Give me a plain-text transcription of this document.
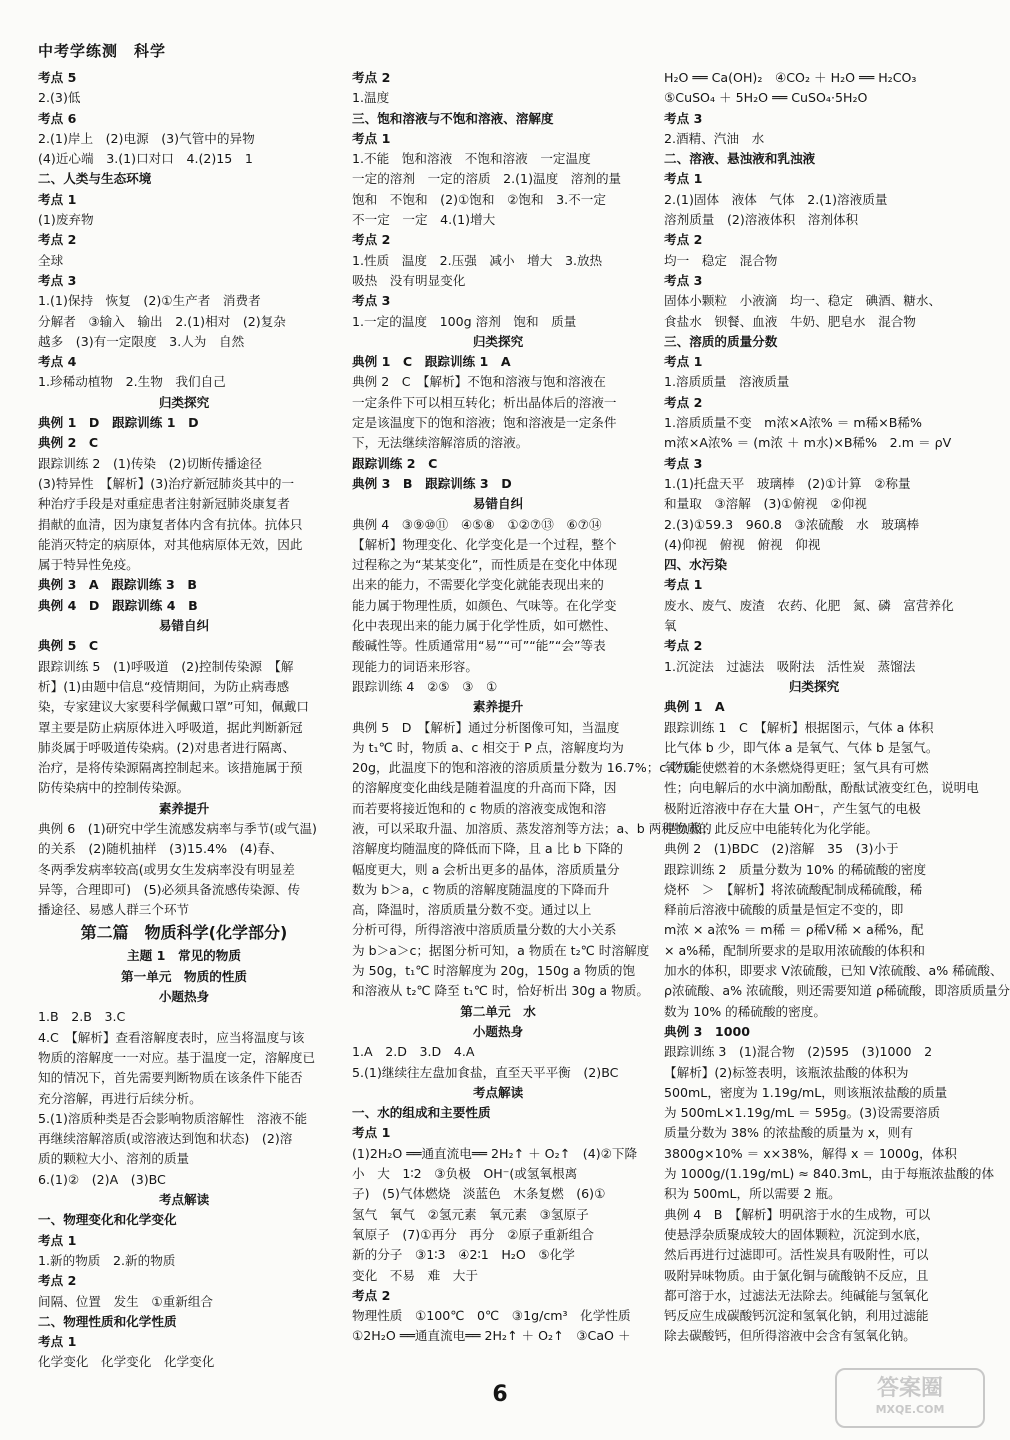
中考学练测　科学
考点 5
2.(3)低
考点 6
2.(1)岸上　(2)电源　(3)气管中的异物
(4)近心端　3.(1)口对口　4.(2)15　1
二、人类与生态环境
考点 1
(1)废弃物
考点 2
全球
考点 3
1.(1)保持　恢复　(2)①生产者　消费者
分解者　③输入　输出　2.(1)相对　(2)复杂
越多　(3)有一定限度　3.人为　自然
考点 4
1.珍稀动植物　2.生物　我们自己
归类探究
典例 1　D　跟踪训练 1　D
典例 2　C
跟踪训练 2　(1)传染　(2)切断传播途径
(3)特异性　【解析】(3)治疗新冠肺炎其中的一
种治疗手段是对重症患者注射新冠肺炎康复者
捐献的血清，因为康复者体内含有抗体。抗体只
能消灭特定的病原体，对其他病原体无效，因此
属于特异性免疫。
典例 3　A　跟踪训练 3　B
典例 4　D　跟踪训练 4　B
易错自纠
典例 5　C
跟踪训练 5　(1)呼吸道　(2)控制传染源　【解
析】(1)由题中信息“疫情期间，为防止病毒感
染，专家建议大家要科学佩戴口罩”可知，佩戴口
罩主要是防止病原体进入呼吸道，据此判断新冠
肺炎属于呼吸道传染病。(2)对患者进行隔离、
治疗，是将传染源隔离控制起来。该措施属于预
防传染病中的控制传染源。
素养提升
典例 6　(1)研究中学生流感发病率与季节(或气温)
的关系　(2)随机抽样　(3)15.4%　(4)春、
冬两季发病率较高(或男女生发病率没有明显差
异等，合理即可)　(5)必须具备流感传染源、传
播途径、易感人群三个环节
第二篇　物质科学(化学部分)
主题 1　常见的物质
第一单元　物质的性质
小题热身
1.B　2.B　3.C
4.C　【解析】查看溶解度表时，应当将温度与该
物质的溶解度一一对应。基于温度一定，溶解度已
知的情况下，首先需要判断物质在该条件下能否
充分溶解，再进行后续分析。
5.(1)溶质种类是否会影响物质溶解性　溶液不能
再继续溶解溶质(或溶液达到饱和状态)　(2)溶
质的颗粒大小、溶剂的质量
6.(1)②　(2)A　(3)BC
考点解读
一、物理变化和化学变化
考点 1
1.新的物质　2.新的物质
考点 2
间隔、位置　发生　①重新组合
二、物理性质和化学性质
考点 1
化学变化　化学变化　化学变化
考点 2
1.温度
三、饱和溶液与不饱和溶液、溶解度
考点 1
1.不能　饱和溶液　不饱和溶液　一定温度
一定的溶剂　一定的溶质　2.(1)温度　溶剂的量
饱和　不饱和　(2)①饱和　②饱和　3.不一定
不一定　一定　4.(1)增大
考点 2
1.性质　温度　2.压强　减小　增大　3.放热
吸热　没有明显变化
考点 3
1.一定的温度　100g 溶剂　饱和　质量
归类探究
典例 1　C　跟踪训练 1　A
典例 2　C　【解析】不饱和溶液与饱和溶液在
一定条件下可以相互转化；析出晶体后的溶液一
定是该温度下的饱和溶液；饱和溶液是一定条件
下，无法继续溶解溶质的溶液。
跟踪训练 2　C
典例 3　B　跟踪训练 3　D
易错自纠
典例 4　③⑨⑩⑪　④⑤⑧　①②⑦⑬　⑥⑦⑭
【解析】物理变化、化学变化是一个过程，整个
过程称之为“某某变化”，而性质是在变化中体现
出来的能力，不需要化学变化就能表现出来的
能力属于物理性质，如颜色、气味等。在化学变
化中表现出来的能力属于化学性质，如可燃性、
酸碱性等。性质通常用“易”“可”“能”“会”等表
现能力的词语来形容。
跟踪训练 4　②⑤　③　①
素养提升
典例 5　D　【解析】通过分析图像可知，当温度
为 t₁℃ 时，物质 a、c 相交于 P 点，溶解度均为
20g，此温度下的饱和溶液的溶质质量分数为 16.7%；c 物质
的溶解度变化曲线是随着温度的升高而下降，因
而若要将接近饱和的 c 物质的溶液变成饱和溶
液，可以采取升温、加溶质、蒸发溶剂等方法；a、b 两种物质的
溶解度均随温度的降低而下降，且 a 比 b 下降的
幅度更大，则 a 会析出更多的晶体，溶质质量分
数为 b＞a，c 物质的溶解度随温度的下降而升
高，降温时，溶质质量分数不变。通过以上
分析可得，所得溶液中溶质质量分数的大小关系
为 b＞a＞c；据图分析可知，a 物质在 t₂℃ 时溶解度
为 50g，t₁℃ 时溶解度为 20g，150g a 物质的饱
和溶液从 t₂℃ 降至 t₁℃ 时，恰好析出 30g a 物质。
第二单元　水
小题热身
1.A　2.D　3.D　4.A
5.(1)继续往左盘加食盐，直至天平平衡　(2)BC
考点解读
一、水的组成和主要性质
考点 1
(1)2H₂O ══通直流电══ 2H₂↑ ＋ O₂↑　(4)②下降
小　大　1∶2　③负极　OH⁻(或氢氧根离
子)　(5)气体燃烧　淡蓝色　木条复燃　(6)①
氢气　氧气　②氢元素　氧元素　③氢原子
氧原子　(7)①再分　再分　②原子重新组合
新的分子　③1∶3　④2∶1　H₂O　⑤化学
变化　不易　难　大于
考点 2
物理性质　①100℃　0℃　③1g/cm³　化学性质
①2H₂O ══通直流电══ 2H₂↑ ＋ O₂↑　③CaO ＋
H₂O ══ Ca(OH)₂　④CO₂ ＋ H₂O ══ H₂CO₃
⑤CuSO₄ ＋ 5H₂O ══ CuSO₄·5H₂O
考点 3
2.酒精、汽油　水
二、溶液、悬浊液和乳浊液
考点 1
2.(1)固体　液体　气体　2.(1)溶液质量
溶剂质量　(2)溶液体积　溶剂体积
考点 2
均一　稳定　混合物
考点 3
固体小颗粒　小液滴　均一、稳定　碘酒、糖水、
食盐水　钡餐、血液　牛奶、肥皂水　混合物
三、溶质的质量分数
考点 1
1.溶质质量　溶液质量
考点 2
1.溶质质量不变　m浓×A浓% ＝ m稀×B稀%
m浓×A浓% ＝ (m浓 ＋ m水)×B稀%　2.m ＝ ρV
考点 3
1.(1)托盘天平　玻璃棒　(2)①计算　②称量
和量取　③溶解　(3)①俯视　②仰视
2.(3)①59.3　960.8　③浓硫酸　水　玻璃棒
(4)仰视　俯视　俯视　仰视
四、水污染
考点 1
废水、废气、废渣　农药、化肥　氮、磷　富营养化
氧
考点 2
1.沉淀法　过滤法　吸附法　活性炭　蒸馏法
归类探究
典例 1　A
跟踪训练 1　C　【解析】根据图示，气体 a 体积
比气体 b 少，即气体 a 是氧气、气体 b 是氢气。
氧气能使燃着的木条燃烧得更旺；氢气具有可燃
性；向电解后的水中滴加酚酞，酚酞试液变红色，说明电
极附近溶液中存在大量 OH⁻，产生氢气的电极
是负极；此反应中电能转化为化学能。
典例 2　(1)BDC　(2)溶解　35　(3)小于
跟踪训练 2　质量分数为 10% 的稀硫酸的密度
烧杯　＞　【解析】将浓硫酸配制成稀硫酸，稀
释前后溶液中硫酸的质量是恒定不变的，即
m浓 × a浓% ＝ m稀 ＝ ρ稀V稀 × a稀%，配
× a%稀，配制所要求的是取用浓硫酸的体积和
加水的体积，即要求 V浓硫酸，已知 V浓硫酸、a% 稀硫酸、
ρ浓硫酸、a% 浓硫酸，则还需要知道 ρ稀硫酸，即溶质质量分
数为 10% 的稀硫酸的密度。
典例 3　1000
跟踪训练 3　(1)混合物　(2)595　(3)1000　2
【解析】(2)标签表明，该瓶浓盐酸的体积为
500mL，密度为 1.19g/mL，则该瓶浓盐酸的质量
为 500mL×1.19g/mL ＝ 595g。(3)设需要溶质
质量分数为 38% 的浓盐酸的质量为 x，则有
3800g×10% ＝ x×38%，解得 x ＝ 1000g，体积
为 1000g/(1.19g/mL) ≈ 840.3mL，由于每瓶浓盐酸的体
积为 500mL，所以需要 2 瓶。
典例 4　B　【解析】明矾溶于水的生成物，可以
使悬浮杂质聚成较大的固体颗粒，沉淀到水底，
然后再进行过滤即可。活性炭具有吸附性，可以
吸附异味物质。由于氯化铜与硫酸钠不反应，且
都可溶于水，过滤法无法除去。纯碱能与氢氧化
钙反应生成碳酸钙沉淀和氢氧化钠，利用过滤能
除去碳酸钙，但所得溶液中会含有氢氧化钠。
6	答案圈
MXQE.COM
